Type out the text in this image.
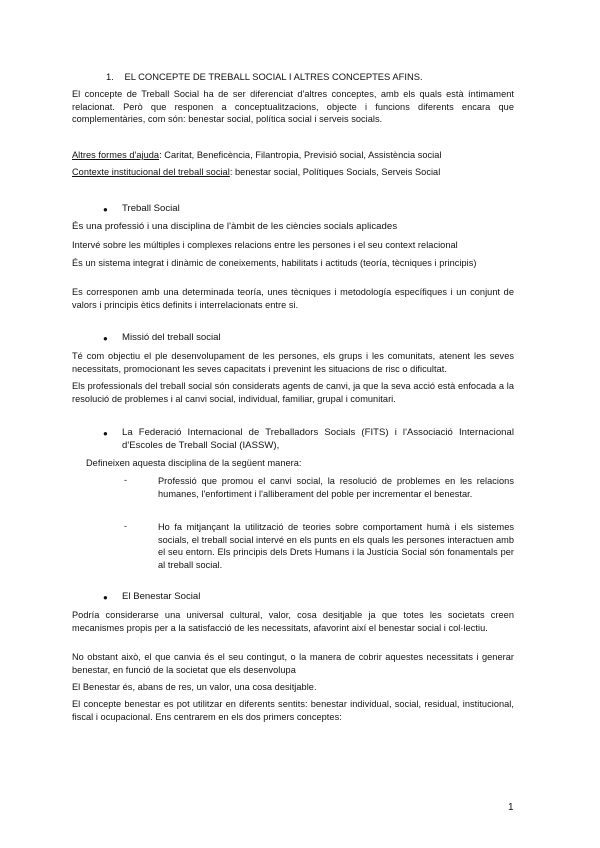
1. EL CONCEPTE DE TREBALL SOCIAL I ALTRES CONCEPTES AFINS.

El concepte de Treball Social ha de ser diferenciat d'altres conceptes, amb els quals està íntimament relacionat. Però que responen a conceptualitzacions, objecte i funcions diferents encara que complementàries, com són: benestar social, política social i serveis socials.

Altres formes d'ajuda: Caritat, Beneficència, Filantropia, Previsió social, Assistència social

Contexte institucional del treball social: benestar social, Polítiques Socials, Serveis Social

● Treball Social

És una professió i una disciplina de l'àmbit de les ciències socials aplicades

Intervé sobre les múltiples i complexes relacions entre les persones i el seu context relacional

És un sistema integrat i dinàmic de coneixements, habilitats i actituds (teoría, tècniques i principis)

Es corresponen amb una determinada teoría, unes tècniques i metodología específiques i un conjunt de valors i principis ètics definits i interrelacionats entre si.

● Missió del treball social

Té com objectiu el ple desenvolupament de les persones, els grups i les comunitats, atenent les seves necessitats, promocionant les seves capacitats i prevenint les situacions de risc o dificultat.

Els professionals del treball social són considerats agents de canvi, ja que la seva acció està enfocada a la resolució de problemes i al canvi social, individual, familiar, grupal i comunitari.

● La Federació Internacional de Treballadors Socials (FITS) i l'Associació Internacional d'Escoles de Treball Social (IASSW),

Defineixen aquesta disciplina de la següent manera:

-	Professió que promou el canvi social, la resolució de problemes en les relacions humanes, l'enfortiment i l'alliberament del poble per incrementar el benestar.

-	Ho fa mitjançant la utilització de teories sobre comportament humà i els sistemes socials, el treball social intervé en els punts en els quals les persones interactuen amb el seu entorn. Els principis dels Drets Humans i la Justícia Social són fonamentals per al treball social.

● El Benestar Social

Podría considerarse una universal cultural, valor, cosa desitjable ja que totes les societats creen mecanismes propis per a la satisfacció de les necessitats, afavorint així el benestar social i col·lectiu.

No obstant això, el que canvia és el seu contingut, o la manera de cobrir aquestes necessitats i generar benestar, en funció de la societat que els desenvolupa

El Benestar és, abans de res, un valor, una cosa desitjable.

El concepte benestar es pot utilitzar en diferents sentits: benestar individual, social, residual, institucional, fiscal i ocupacional. Ens centrarem en els dos primers conceptes:

1
